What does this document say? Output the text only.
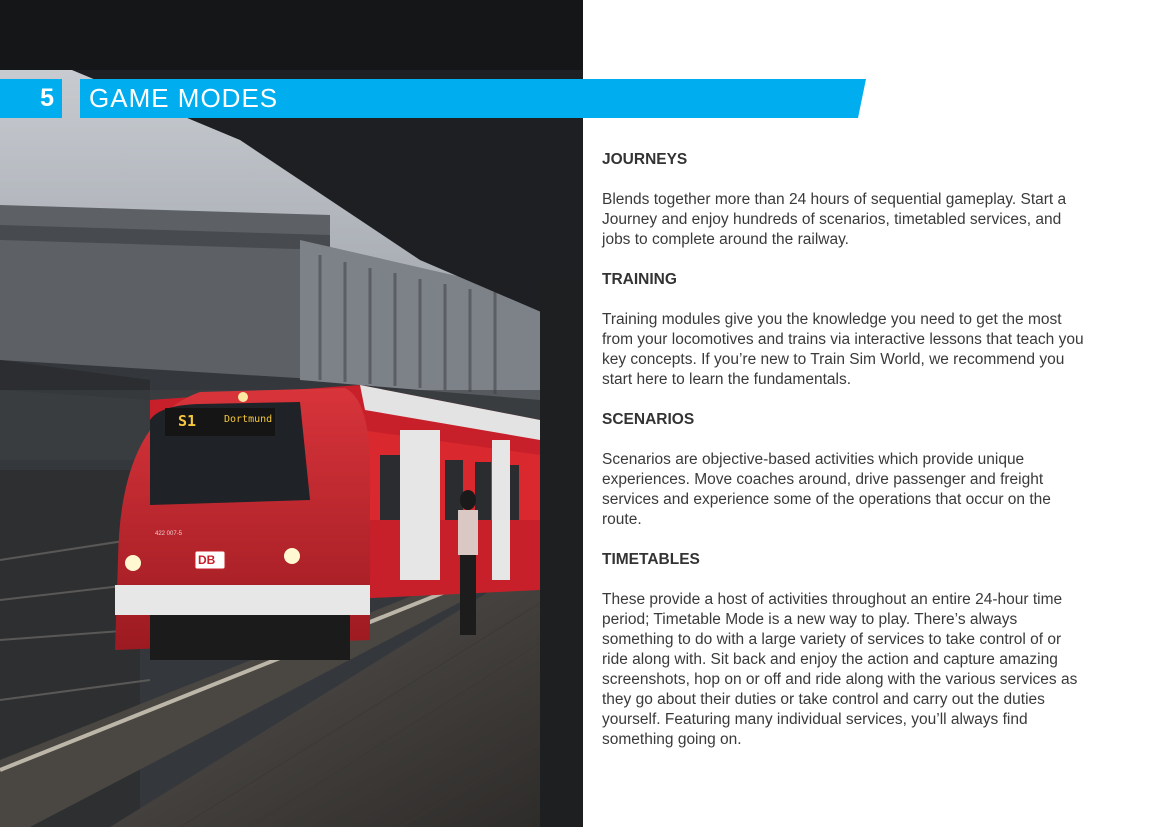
S1	Dortmund
DB
422 007-5
5 GAME MODES
JOURNEYS

Blends together more than 24 hours of sequential gameplay. Start a Journey and enjoy hundreds of scenarios, timetabled services, and jobs to complete around the railway.

TRAINING

Training modules give you the knowledge you need to get the most from your locomotives and trains via interactive lessons that teach you key concepts. If you’re new to Train Sim World, we recommend you start here to learn the fundamentals.

SCENARIOS

Scenarios are objective-based activities which provide unique experiences. Move coaches around, drive passenger and freight services and experience some of the operations that occur on the route.

TIMETABLES

These provide a host of activities throughout an entire 24-hour time period; Timetable Mode is a new way to play. There’s always something to do with a large variety of services to take control of or ride along with. Sit back and enjoy the action and capture amazing screenshots, hop on or off and ride along with the various services as they go about their duties or take control and carry out the duties yourself. Featuring many individual services, you’ll always find something going on.
